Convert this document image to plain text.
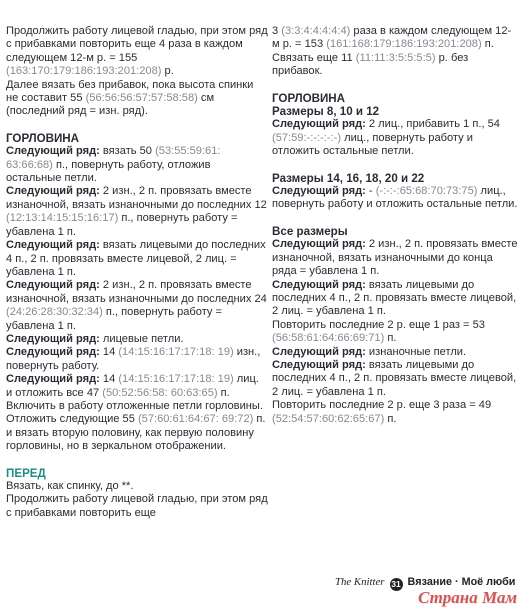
Продолжить работу лицевой гладью, при этом ряд с прибавками повторить еще 4 раза в каждом следующем 12-м р. = 155 (163:170:179:186:193:201:208) р.

Далее вязать без прибавок, пока высота спинки не составит 55 (56:56:56:57:57:58:58) см (последний ряд = изн. ряд).

ГОРЛОВИНА

Следующий ряд: вязать 50 (53:55:59:61: 63:66:68) п., повернуть работу, отложив остальные петли.

Следующий ряд: 2 изн., 2 п. провязать вместе изнаночной, вязать изнаночными до последних 12 (12:13:14:15:15:16:17) п., повернуть работу = убавлена 1 п.

Следующий ряд: вязать лицевыми до последних 4 п., 2 п. провязать вместе лицевой, 2 лиц. = убавлена 1 п.

Следующий ряд: 2 изн., 2 п. провязать вместе изнаночной, вязать изнаночными до последних 24 (24:26:28:30:32:34) п., повернуть работу = убавлена 1 п.

Следующий ряд: лицевые петли.

Следующий ряд: 14 (14:15:16:17:17:18: 19) изн., повернуть работу.

Следующий ряд: 14 (14:15:16:17:17:18: 19) лиц. и отложить все 47 (50:52:56:58: 60:63:65) п.

Включить в работу отложенные петли горловины.

Отложить следующие 55 (57:60:61:64:67: 69:72) п. и вязать вторую половину, как первую половину горловины, но в зеркальном отображении.

ПЕРЕД

Вязать, как спинку, до **.

Продолжить работу лицевой гладью, при этом ряд с прибавками повторить еще

3 (3:3:4:4:4:4:4) раза в каждом следующем 12-м р. = 153 (161:168:179:186:193:201:208) п.

Связать еще 11 (11:11:3:5:5:5:5) р. без прибавок.

ГОРЛОВИНА

Размеры 8, 10 и 12

Следующий ряд: 2 лиц., прибавить 1 п., 54 (57:59:-:-:-:-:-) лиц., повернуть работу и отложить остальные петли.

Размеры 14, 16, 18, 20 и 22

Следующий ряд: - (-:-:-:65:68:70:73:75) лиц., повернуть работу и отложить остальные петли.

Все размеры

Следующий ряд: 2 изн., 2 п. провязать вместе изнаночной, вязать изнаночными до конца ряда = убавлена 1 п.

Следующий ряд: вязать лицевыми до последних 4 п., 2 п. провязать вместе лицевой, 2 лиц. = убавлена 1 п.

Повторить последние 2 р. еще 1 раз = 53 (56:58:61:64:66:69:71) п.

Следующий ряд: изнаночные петли.

Следующий ряд: вязать лицевыми до последних 4 п., 2 п. провязать вместе лицевой, 2 лиц. = убавлена 1 п.

Повторить последние 2 р. еще 3 раза = 49 (52:54:57:60:62:65:67) п.

The Knitter 31 Вязание · Моё люби
Страна Мам
